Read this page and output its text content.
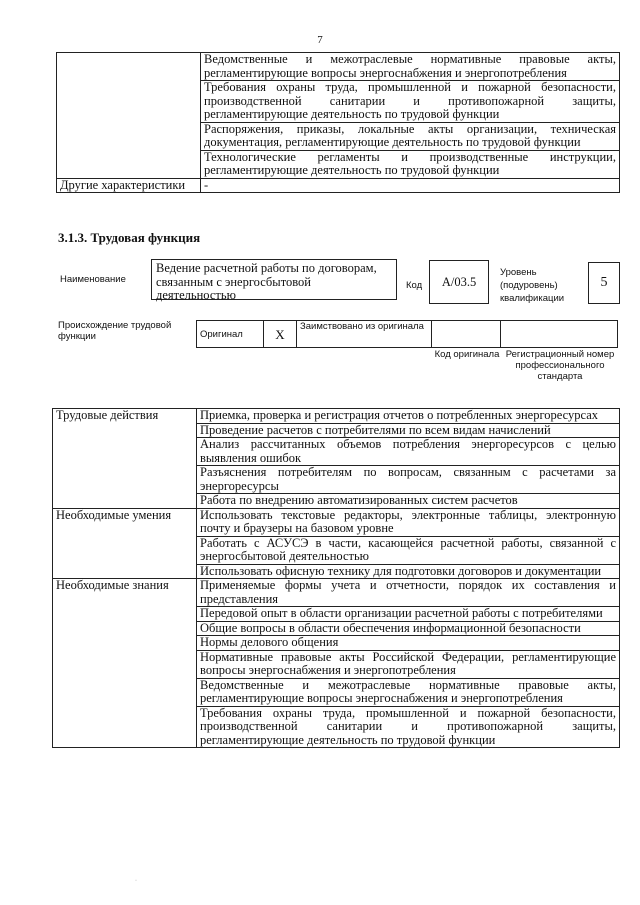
7
	Ведомственные и межотраслевые нормативные правовые акты, регламентирующие вопросы энергоснабжения и энергопотребления
	Требования охраны труда, промышленной и пожарной безопасности, производственной санитарии и противопожарной защиты, регламентирующие деятельность по трудовой функции
	Распоряжения, приказы, локальные акты организации, техническая документация, регламентирующие деятельность по трудовой функции
	Технологические регламенты и производственные инструкции, регламентирующие деятельность по трудовой функции
Другие характеристики	-
3.1.3. Трудовая функция
Наименование
Ведение расчетной работы по договорам, связанным с энергосбытовой деятельностью
Код	A/03.5
Уровень (подуровень) квалификации
5
Происхождение трудовой функции	Оригинал	X	Заимствовано из оригинала		
Код оригинала Регистрационный номер профессионального стандарта
Трудовые действия	Приемка, проверка и регистрация отчетов о потребленных энергоресурсах
	Проведение расчетов с потребителями по всем видам начислений
	Анализ рассчитанных объемов потребления энергоресурсов с целью выявления ошибок
	Разъяснения потребителям по вопросам, связанным с расчетами за энергоресурсы
	Работа по внедрению автоматизированных систем расчетов
Необходимые умения	Использовать текстовые редакторы, электронные таблицы, электронную почту и браузеры на базовом уровне
	Работать с АСУСЭ в части, касающейся расчетной работы, связанной с энергосбытовой деятельностью
	Использовать офисную технику для подготовки договоров и документации
Необходимые знания	Применяемые формы учета и отчетности, порядок их составления и представления
	Передовой опыт в области организации расчетной работы с потребителями
	Общие вопросы в области обеспечения информационной безопасности
	Нормы делового общения
	Нормативные правовые акты Российской Федерации, регламентирующие вопросы энергоснабжения и энергопотребления
	Ведомственные и межотраслевые нормативные правовые акты, регламентирующие вопросы энергоснабжения и энергопотребления
	Требования охраны труда, промышленной и пожарной безопасности, производственной санитарии и противопожарной защиты, регламентирующие деятельность по трудовой функции
·
